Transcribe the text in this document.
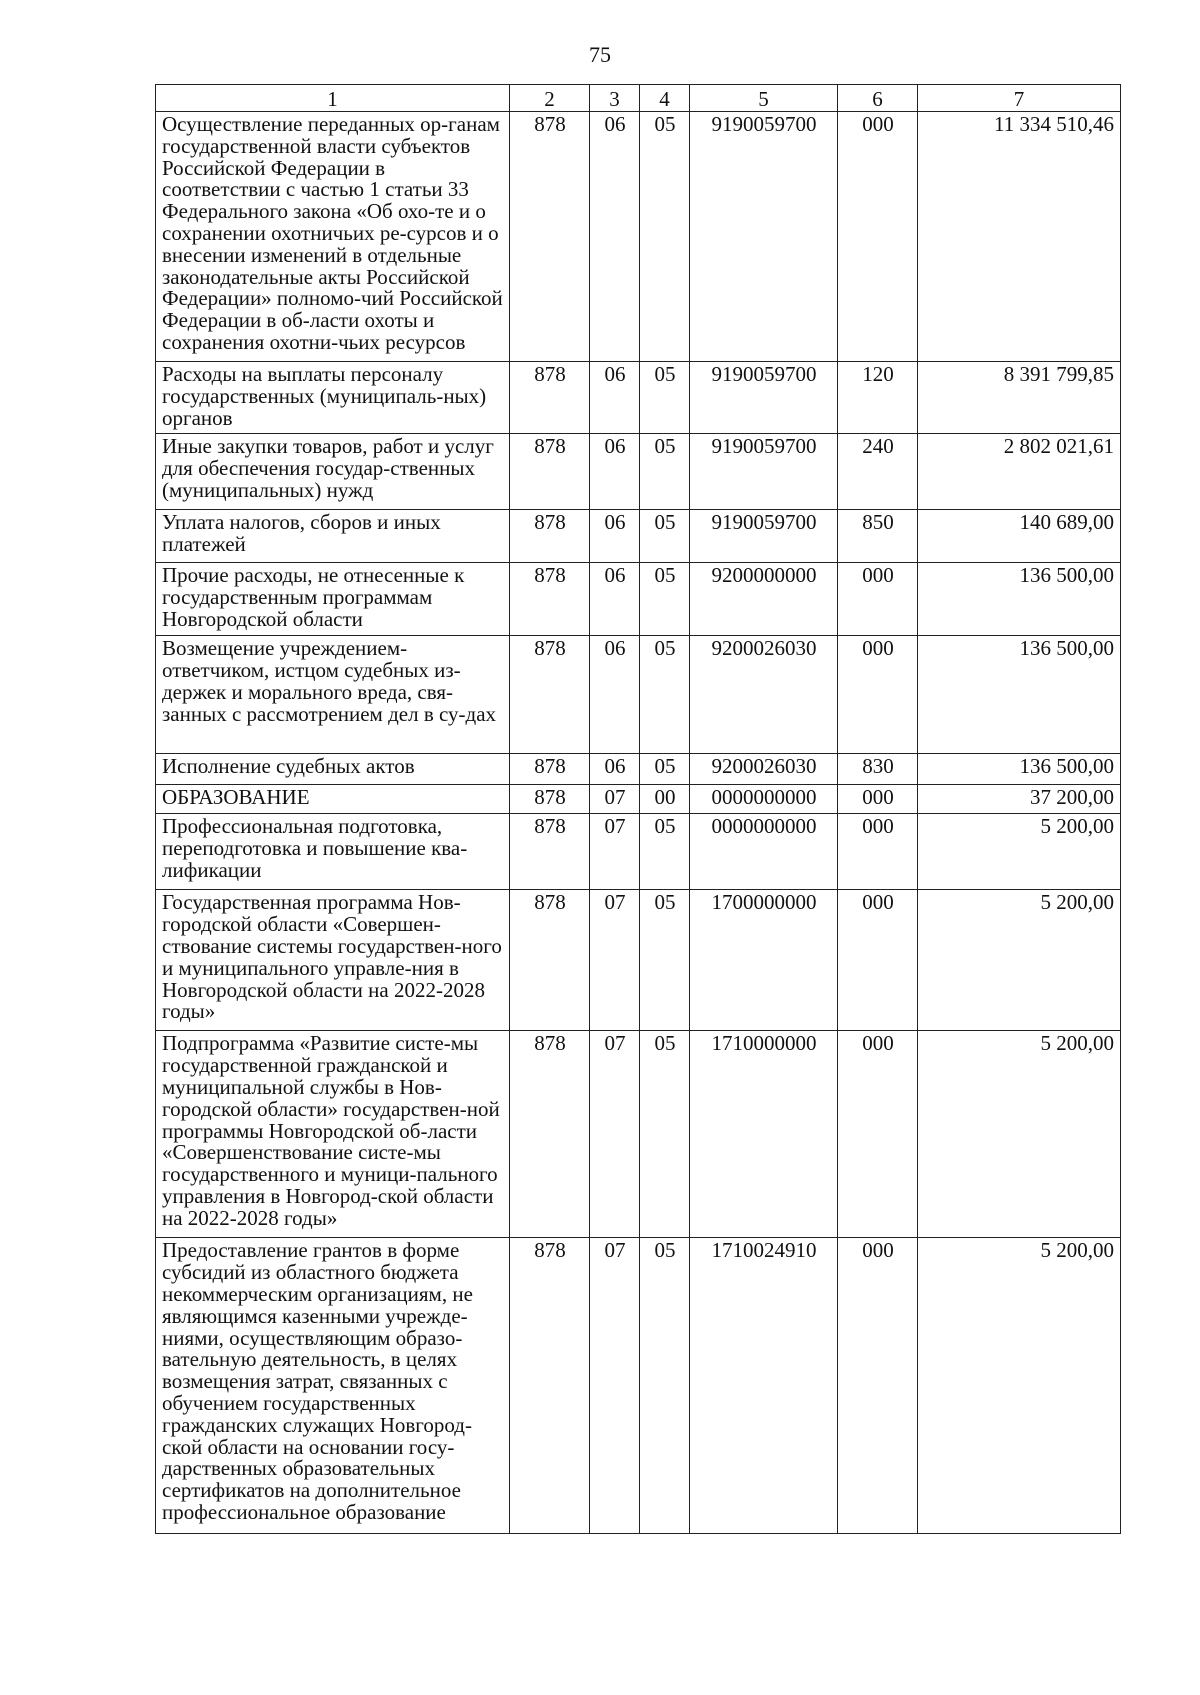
75
1	2	3	4	5	6	7
Осуществление переданных ор-ганам государственной власти субъектов Российской Федерации в соответствии с частью 1 статьи 33 Федерального закона «Об охо-те и о сохранении охотничьих ре-сурсов и о внесении изменений в отдельные законодательные акты Российской Федерации» полномо-чий Российской Федерации в об-ласти охоты и сохранения охотни-чьих ресурсов	878	06	05	9190059700	000	11 334 510,46
Расходы на выплаты персоналу государственных (муниципаль-ных) органов	878	06	05	9190059700	120	8 391 799,85
Иные закупки товаров, работ и услуг для обеспечения государ-ственных (муниципальных) нужд	878	06	05	9190059700	240	2 802 021,61
Уплата налогов, сборов и иных платежей	878	06	05	9190059700	850	140 689,00
Прочие расходы, не отнесенные к государственным программам Новгородской области	878	06	05	9200000000	000	136 500,00
Возмещение учреждением-ответчиком, истцом судебных из-держек и морального вреда, свя-занных с рассмотрением дел в су-дах	878	06	05	9200026030	000	136 500,00
Исполнение судебных актов	878	06	05	9200026030	830	136 500,00
ОБРАЗОВАНИЕ	878	07	00	0000000000	000	37 200,00
Профессиональная подготовка, переподготовка и повышение ква-лификации	878	07	05	0000000000	000	5 200,00
Государственная программа Нов-городской области «Совершен-ствование системы государствен-ного и муниципального управле-ния в Новгородской области на 2022-2028 годы»	878	07	05	1700000000	000	5 200,00
Подпрограмма «Развитие систе-мы государственной гражданской и муниципальной службы в Нов-городской области» государствен-ной программы Новгородской об-ласти «Совершенствование систе-мы государственного и муници-пального управления в Новгород-ской области на 2022-2028 годы»	878	07	05	1710000000	000	5 200,00
Предоставление грантов в форме субсидий из областного бюджета некоммерческим организациям, не являющимся казенными учрежде-ниями, осуществляющим образо-вательную деятельность, в целях возмещения затрат, связанных с обучением государственных гражданских служащих Новгород-ской области на основании госу-дарственных образовательных сертификатов на дополнительное профессиональное образование	878	07	05	1710024910	000	5 200,00
